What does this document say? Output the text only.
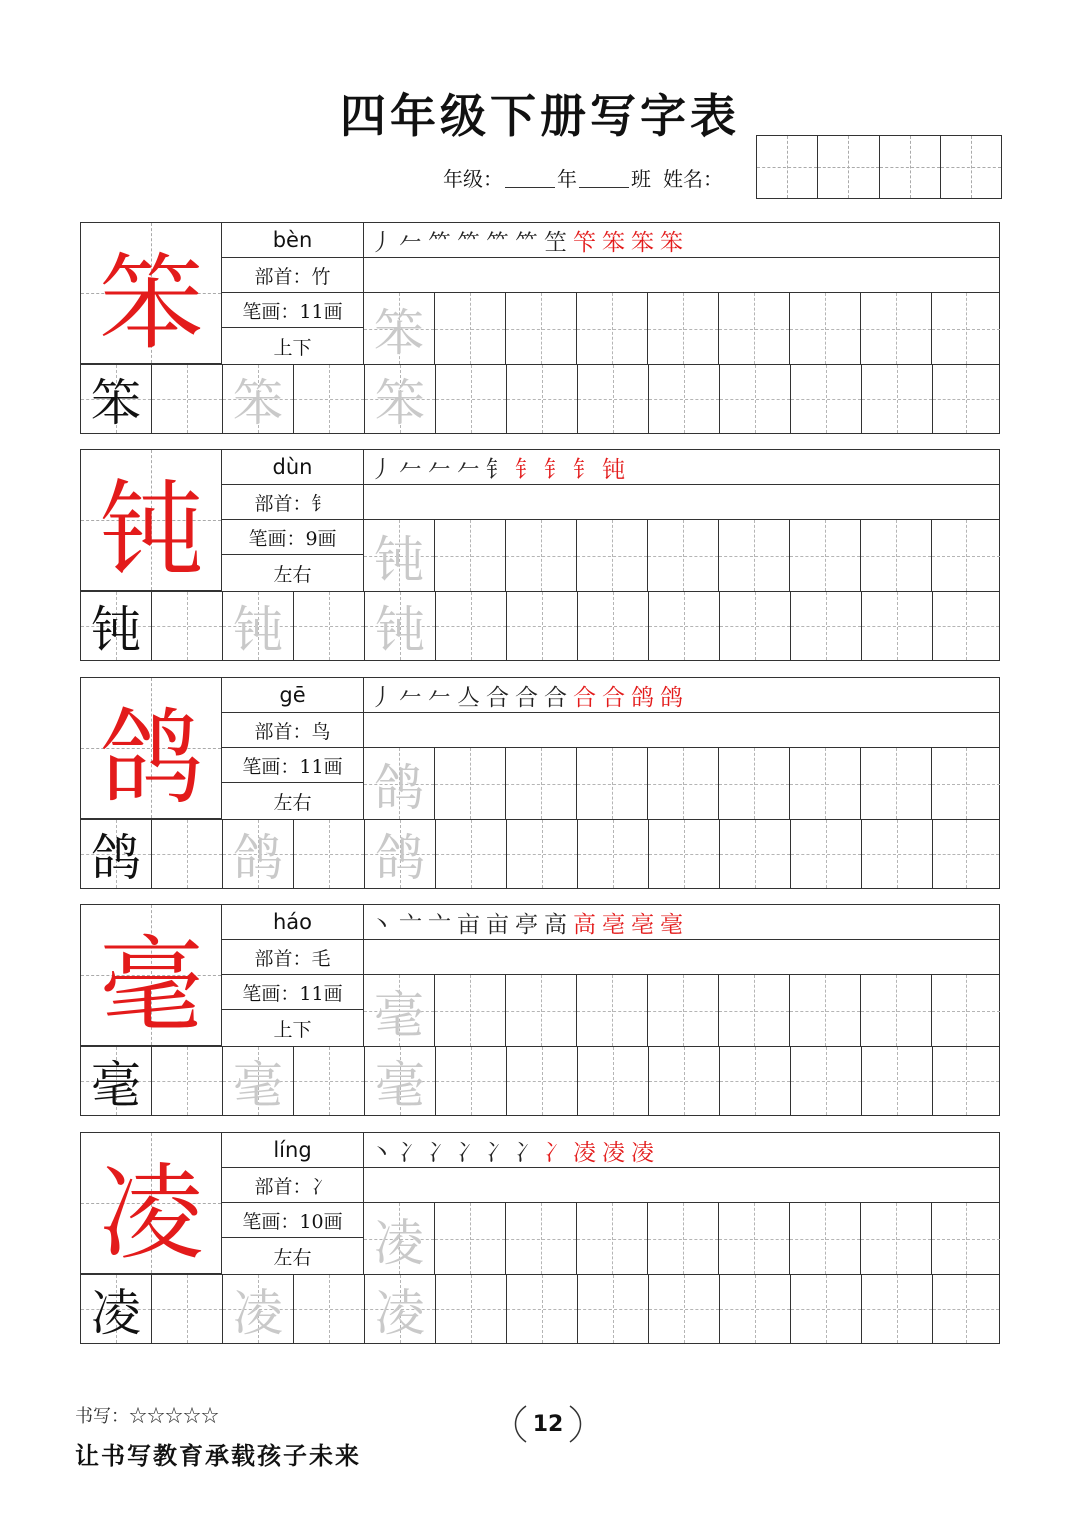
四年级下册写字表
年级：	年	班 姓名：
笨
bèn
部首：竹
笔画：11画
上下
丿 𠂉 ⺮ ⺮ ⺮ ⺮ 笁 笇 笨 笨 笨
笨
笨 笨 笨
钝
dùn
部首：钅
笔画：9画
左右
丿 𠂉 𠂉 𠂉 钅 钅 钅 钅 钝
钝
钝 钝 钝
鸽
gē
部首：鸟
笔画：11画
左右
丿 𠂉 𠂉 亼 合 合 合 合 合 鸽 鸽
鸽
鸽 鸽 鸽
毫
háo
部首：毛
笔画：11画
上下
丶 亠 亠 亩 亩 亭 高 高 亳 亳 毫
毫
毫 毫 毫
凌
líng
部首：冫
笔画：10画
左右
丶 冫 冫 冫 冫 冫 冫 凌 凌 凌
凌
凌 凌 凌
书写：☆☆☆☆☆
让书写教育承载孩子未来
12
